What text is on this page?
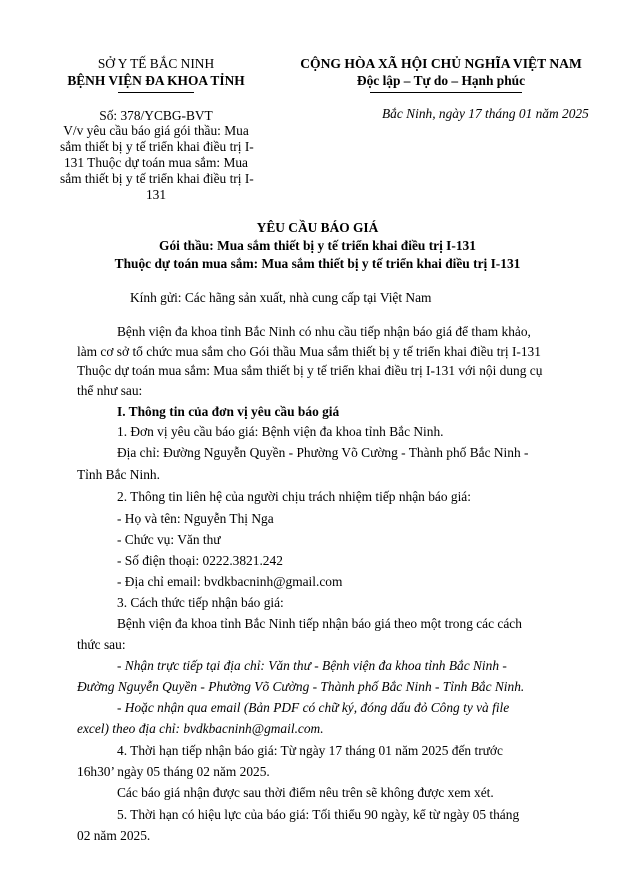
SỞ Y TẾ BẮC NINH
BỆNH VIỆN ĐA KHOA TỈNH
Số: 378/YCBG-BVT
V/v yêu cầu báo giá gói thầu: Mua
sắm thiết bị y tế triển khai điều trị I-
131 Thuộc dự toán mua sắm: Mua
sắm thiết bị y tế triển khai điều trị I-
131
CỘNG HÒA XÃ HỘI CHỦ NGHĨA VIỆT NAM
Độc lập – Tự do – Hạnh phúc
Bắc Ninh, ngày 17 tháng 01 năm 2025
YÊU CẦU BÁO GIÁ
Gói thầu: Mua sắm thiết bị y tế triển khai điều trị I-131
Thuộc dự toán mua sắm: Mua sắm thiết bị y tế triển khai điều trị I-131
Kính gửi: Các hãng sản xuất, nhà cung cấp tại Việt Nam
Bệnh viện đa khoa tỉnh Bắc Ninh có nhu cầu tiếp nhận báo giá để tham khảo,
làm cơ sở tổ chức mua sắm cho Gói thầu Mua sắm thiết bị y tế triển khai điều trị I-131
Thuộc dự toán mua sắm: Mua sắm thiết bị y tế triển khai điều trị I-131 với nội dung cụ
thể như sau:
I. Thông tin của đơn vị yêu cầu báo giá
1. Đơn vị yêu cầu báo giá: Bệnh viện đa khoa tỉnh Bắc Ninh.
Địa chỉ: Đường Nguyễn Quyền - Phường Võ Cường - Thành phố Bắc Ninh -
Tỉnh Bắc Ninh.
2. Thông tin liên hệ của người chịu trách nhiệm tiếp nhận báo giá:
- Họ và tên: Nguyễn Thị Nga
- Chức vụ: Văn thư
- Số điện thoại: 0222.3821.242
- Địa chỉ email: bvdkbacninh@gmail.com
3. Cách thức tiếp nhận báo giá:
Bệnh viện đa khoa tỉnh Bắc Ninh tiếp nhận báo giá theo một trong các cách
thức sau:
- Nhận trực tiếp tại địa chỉ: Văn thư - Bệnh viện đa khoa tỉnh Bắc Ninh -
Đường Nguyễn Quyền - Phường Võ Cường - Thành phố Bắc Ninh - Tỉnh Bắc Ninh.
- Hoặc nhận qua email (Bản PDF có chữ ký, đóng dấu đỏ Công ty và file
excel) theo địa chỉ: bvdkbacninh@gmail.com.
4. Thời hạn tiếp nhận báo giá: Từ ngày 17 tháng 01 năm 2025 đến trước
16h30’ ngày 05 tháng 02 năm 2025.
Các báo giá nhận được sau thời điểm nêu trên sẽ không được xem xét.
5. Thời hạn có hiệu lực của báo giá: Tối thiểu 90 ngày, kể từ ngày 05 tháng
02 năm 2025.
